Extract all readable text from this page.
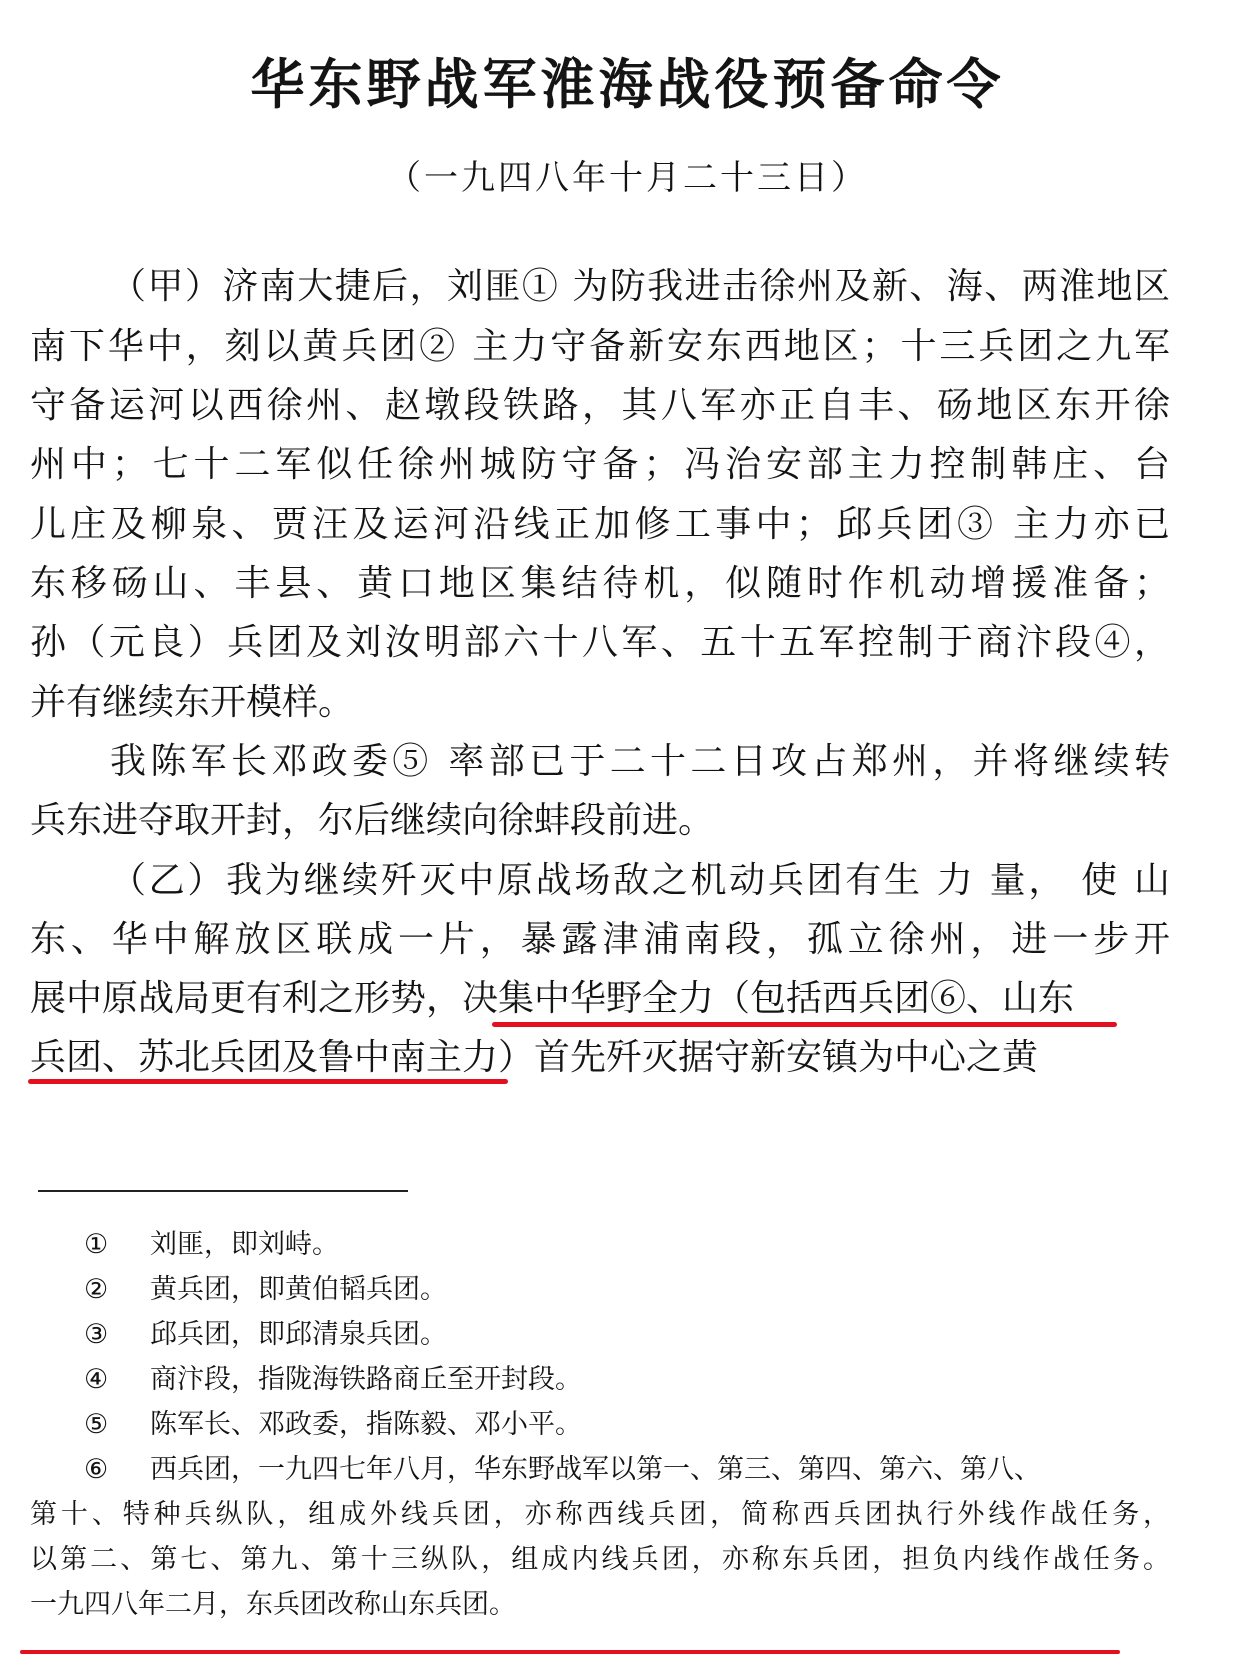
华东野战军淮海战役预备命令
（一九四八年十月二十三日）
（甲）济南大捷后，刘匪① 为防我进击徐州及新、海、两淮地区
南下华中，刻以黄兵团② 主力守备新安东西地区；十三兵团之九军
守备运河以西徐州、赵墩段铁路，其八军亦正自丰、砀地区东开徐
州中；七十二军似任徐州城防守备；冯治安部主力控制韩庄、台
儿庄及柳泉、贾汪及运河沿线正加修工事中；邱兵团③ 主力亦已
东移砀山、丰县、黄口地区集结待机，似随时作机动增援准备；
孙（元良）兵团及刘汝明部六十八军、五十五军控制于商汴段④，
并有继续东开模样。
我陈军长邓政委⑤ 率部已于二十二日攻占郑州，并将继续转
兵东进夺取开封，尔后继续向徐蚌段前进。
（乙）我为继续歼灭中原战场敌之机动兵团有生 力 量， 使 山
东、华中解放区联成一片，暴露津浦南段，孤立徐州，进一步开
展中原战局更有利之形势，决集中华野全力（包括西兵团⑥、山东
兵团、苏北兵团及鲁中南主力）首先歼灭据守新安镇为中心之黄
① 刘匪，即刘峙。
② 黄兵团，即黄伯韬兵团。
③ 邱兵团，即邱清泉兵团。
④ 商汴段，指陇海铁路商丘至开封段。
⑤ 陈军长、邓政委，指陈毅、邓小平。
⑥ 西兵团，一九四七年八月，华东野战军以第一、第三、第四、第六、第八、
第十、特种兵纵队，组成外线兵团，亦称西线兵团，简称西兵团执行外线作战任务，
以第二、第七、第九、第十三纵队，组成内线兵团，亦称东兵团，担负内线作战任务。
一九四八年二月，东兵团改称山东兵团。
